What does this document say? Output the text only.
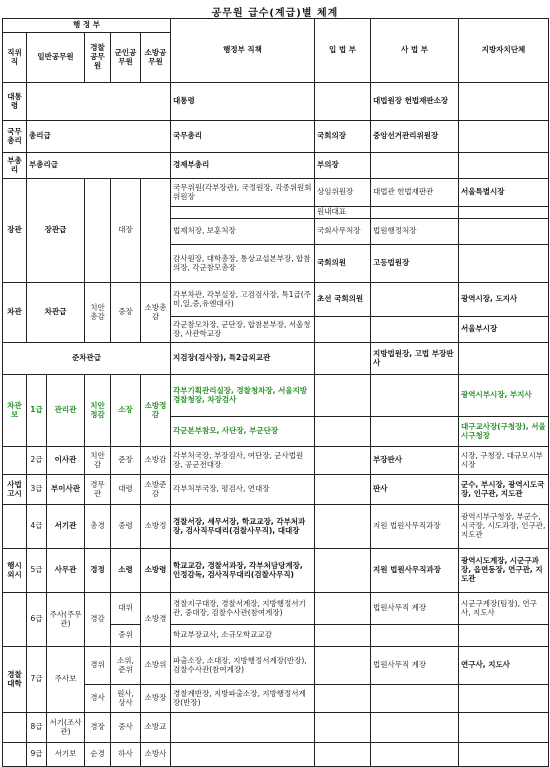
공무원 급수(계급)별 체계
행 정 부						행정부 직책	입 법 부	사 법 부	지방자치단체
직위직	일반공무원		경찰공무원	군인공무원	소방공무원				
대통령						대통령		대법원장 헌법재판소장	
국무총리	총리급					국무총리	국회의장	중앙선거관리위원장	
부총리	부총리급					경제부총리	부의장		
장관	장관급			대장		국무위원(각부장관), 국정원장, 각종위원회위원장	상임위원장	대법관 헌법재판관	서울특별시장
							원내대표		
						법제처장, 보훈처장	국회사무처장	법원행정처장	
						감사원장, 대학총장, 통상교섭본부장, 합참의장, 각군참모총장	국회의원	고등법원장	
차관	차관급		치안총감	중장	소방총감	각부차관, 각부실장, 고검검사장, 특1급(주미,일,중,유엔대사)	초선 국회의원		광역시장, 도지사
						각군참모차장, 군단장, 합참본부장, 서울청장, 사관학교장			서울부시장
준차관급						지검장(검사장), 특2급외교관		지방법원장, 고법 부장판사	
차관보	1급	관리관	치안정감	소장	소방정감	각부기획관리실장, 경찰청차장, 서울지방경찰청장, 차장검사			광역시부시장, 부지사
						각군본부참모, 사단장, 부군단장			대구교사장(구청장), 서울시구청장
	2급	이사관	치안감	준장	소방감	각부처국장, 부장검사, 여단장, 군사법원장, 공군전대장		부장판사	시장, 구청장, 대규모시부시장
사법고시	3급	부이사관	경무관	대령	소방준감	각부처부국장, 평검사, 연대장		판사	군수, 부시장, 광역시도국장, 인구관, 지도관
	4급	서기관	총경	중령	소방정	경찰서장, 세무서장, 학교교장, 각부처과장, 검사직무대리(검찰사무직), 대대장		지원 법원사무직과장	광역시부구청장, 부군수, 시국장, 시도과장, 인구관, 지도관
행시외시	5급	사무관	경정	소령	소방령	학교교감, 경찰서과장, 각부처담당계장, 인정감독, 검사직무대리(검찰사무직)		지원 법원사무직과장	광역시도계장, 시군구과장, 읍면동장, 연구관, 지도관
	6급	주사(주무관)	경감	대위	소방경	경찰지구대장, 경찰서계장, 지방행정서기관, 중대장, 검찰수사관(참여계장)		법원사무직 계장	시군구계장(팀장), 연구사, 지도사
				중위		학교부장교사, 소규모학교교감			
경찰대학	7급	주사보	경위	소위, 준위	소방위	파출소장, 소대장, 지방행정서계장(반장), 검찰수사관(참여계장)		법원사무직 계장	연구사, 지도사
			경사	원사, 상사	소방장	경찰계반장, 지방파출소장, 지방행정서계장(반장)			
	8급	서기(조사관)	경장	중사	소방교				
	9급	서기보	순경	하사	소방사				
